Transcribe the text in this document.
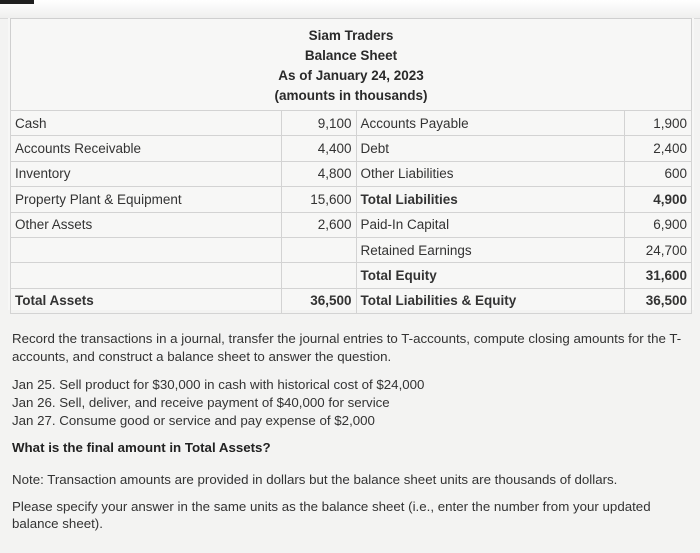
Siam Traders
Balance Sheet
As of January 24, 2023
(amounts in thousands)
Cash	9,100	Accounts Payable	1,900
Accounts Receivable	4,400	Debt	2,400
Inventory	4,800	Other Liabilities	600
Property Plant & Equipment	15,600	Total Liabilities	4,900
Other Assets	2,600	Paid-In Capital	6,900
		Retained Earnings	24,700
		Total Equity	31,600
Total Assets	36,500	Total Liabilities & Equity	36,500
Record the transactions in a journal, transfer the journal entries to T-accounts, compute closing amounts for the T-
accounts, and construct a balance sheet to answer the question.
Jan 25. Sell product for $30,000 in cash with historical cost of $24,000
Jan 26. Sell, deliver, and receive payment of $40,000 for service
Jan 27. Consume good or service and pay expense of $2,000
What is the final amount in Total Assets?
Note: Transaction amounts are provided in dollars but the balance sheet units are thousands of dollars.
Please specify your answer in the same units as the balance sheet (i.e., enter the number from your updated
balance sheet).
